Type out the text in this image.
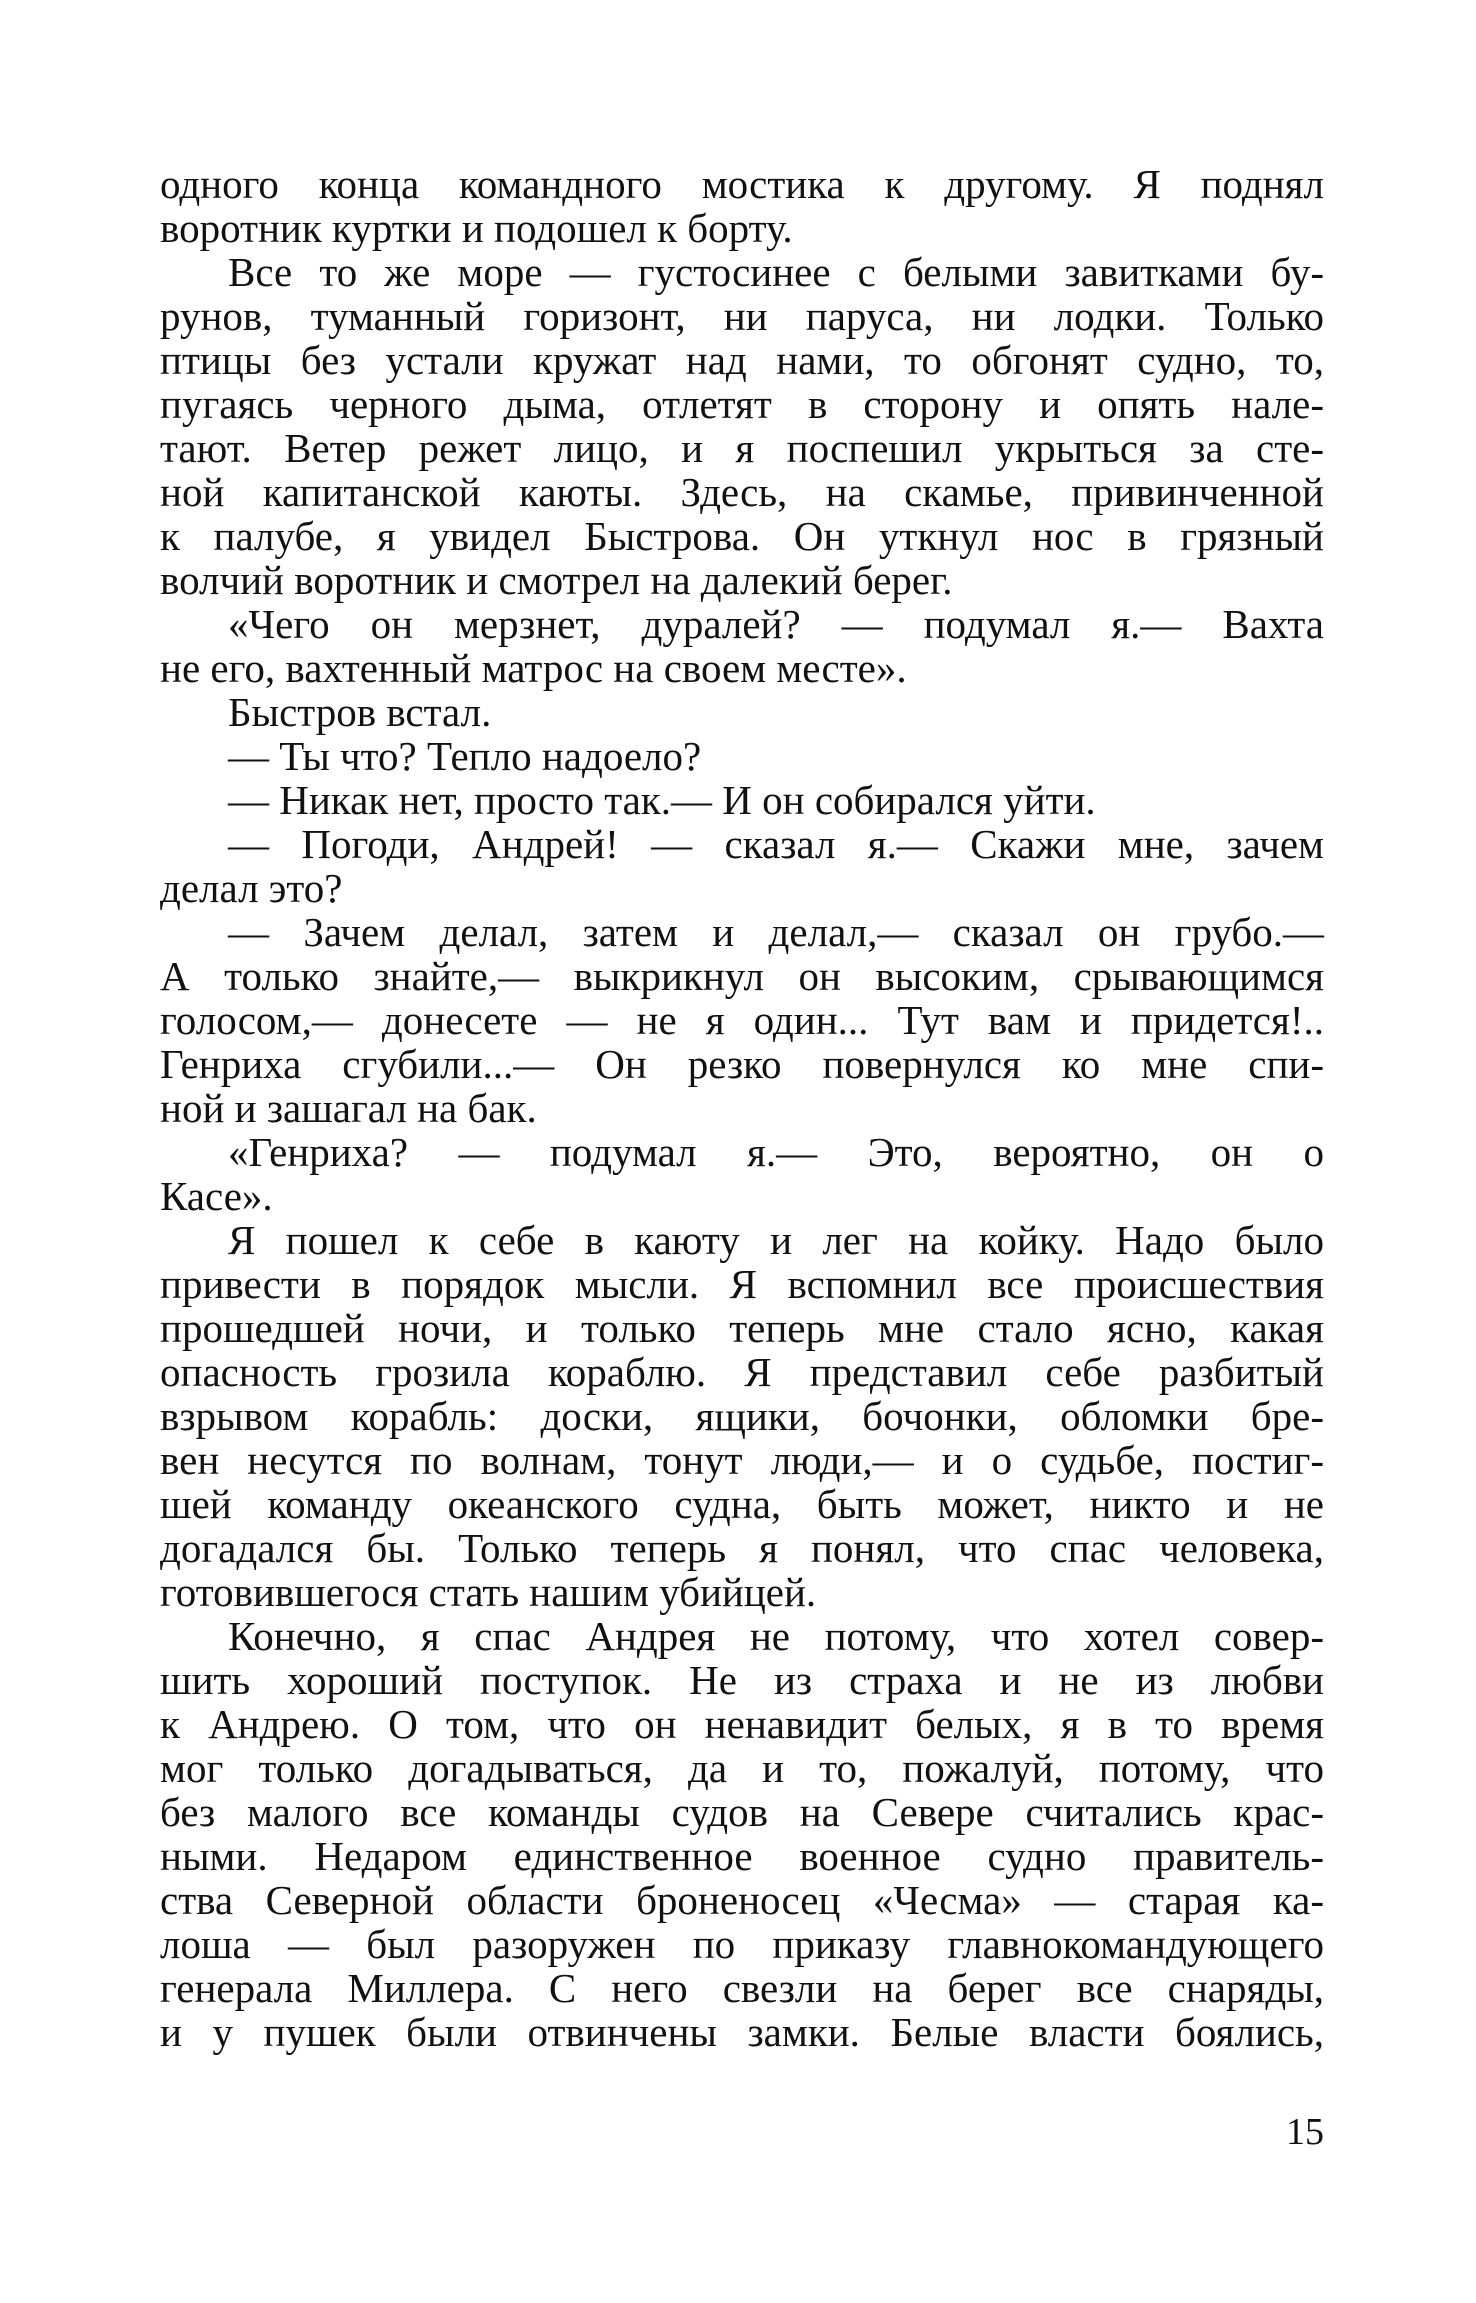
одного конца командного мостика к другому. Я поднял
воротник куртки и подошел к борту.

Все то же море — густосинее с белыми завитками бу-
рунов, туманный горизонт, ни паруса, ни лодки. Только
птицы без устали кружат над нами, то обгонят судно, то,
пугаясь черного дыма, отлетят в сторону и опять нале-
тают. Ветер режет лицо, и я поспешил укрыться за сте-
ной капитанской каюты. Здесь, на скамье, привинченной
к палубе, я увидел Быстрова. Он уткнул нос в грязный
волчий воротник и смотрел на далекий берег.

«Чего он мерзнет, дуралей? — подумал я.— Вахта
не его, вахтенный матрос на своем месте».

Быстров встал.

— Ты что? Тепло надоело?

— Никак нет, просто так.— И он собирался уйти.

— Погоди, Андрей! — сказал я.— Скажи мне, зачем
делал это?

— Зачем делал, затем и делал,— сказал он грубо.—
А только знайте,— выкрикнул он высоким, срывающимся
голосом,— донесете — не я один... Тут вам и придется!..
Генриха сгубили...— Он резко повернулся ко мне спи-
ной и зашагал на бак.

«Генриха? — подумал я.— Это, вероятно, он о
Касе».

Я пошел к себе в каюту и лег на койку. Надо было
привести в порядок мысли. Я вспомнил все происшествия
прошедшей ночи, и только теперь мне стало ясно, какая
опасность грозила кораблю. Я представил себе разбитый
взрывом корабль: доски, ящики, бочонки, обломки бре-
вен несутся по волнам, тонут люди,— и о судьбе, постиг-
шей команду океанского судна, быть может, никто и не
догадался бы. Только теперь я понял, что спас человека,
готовившегося стать нашим убийцей.

Конечно, я спас Андрея не потому, что хотел совер-
шить хороший поступок. Не из страха и не из любви
к Андрею. О том, что он ненавидит белых, я в то время
мог только догадываться, да и то, пожалуй, потому, что
без малого все команды судов на Севере считались крас-
ными. Недаром единственное военное судно правитель-
ства Северной области броненосец «Чесма» — старая ка-
лоша — был разоружен по приказу главнокомандующего
генерала Миллера. С него свезли на берег все снаряды,
и у пушек были отвинчены замки. Белые власти боялись,

15
